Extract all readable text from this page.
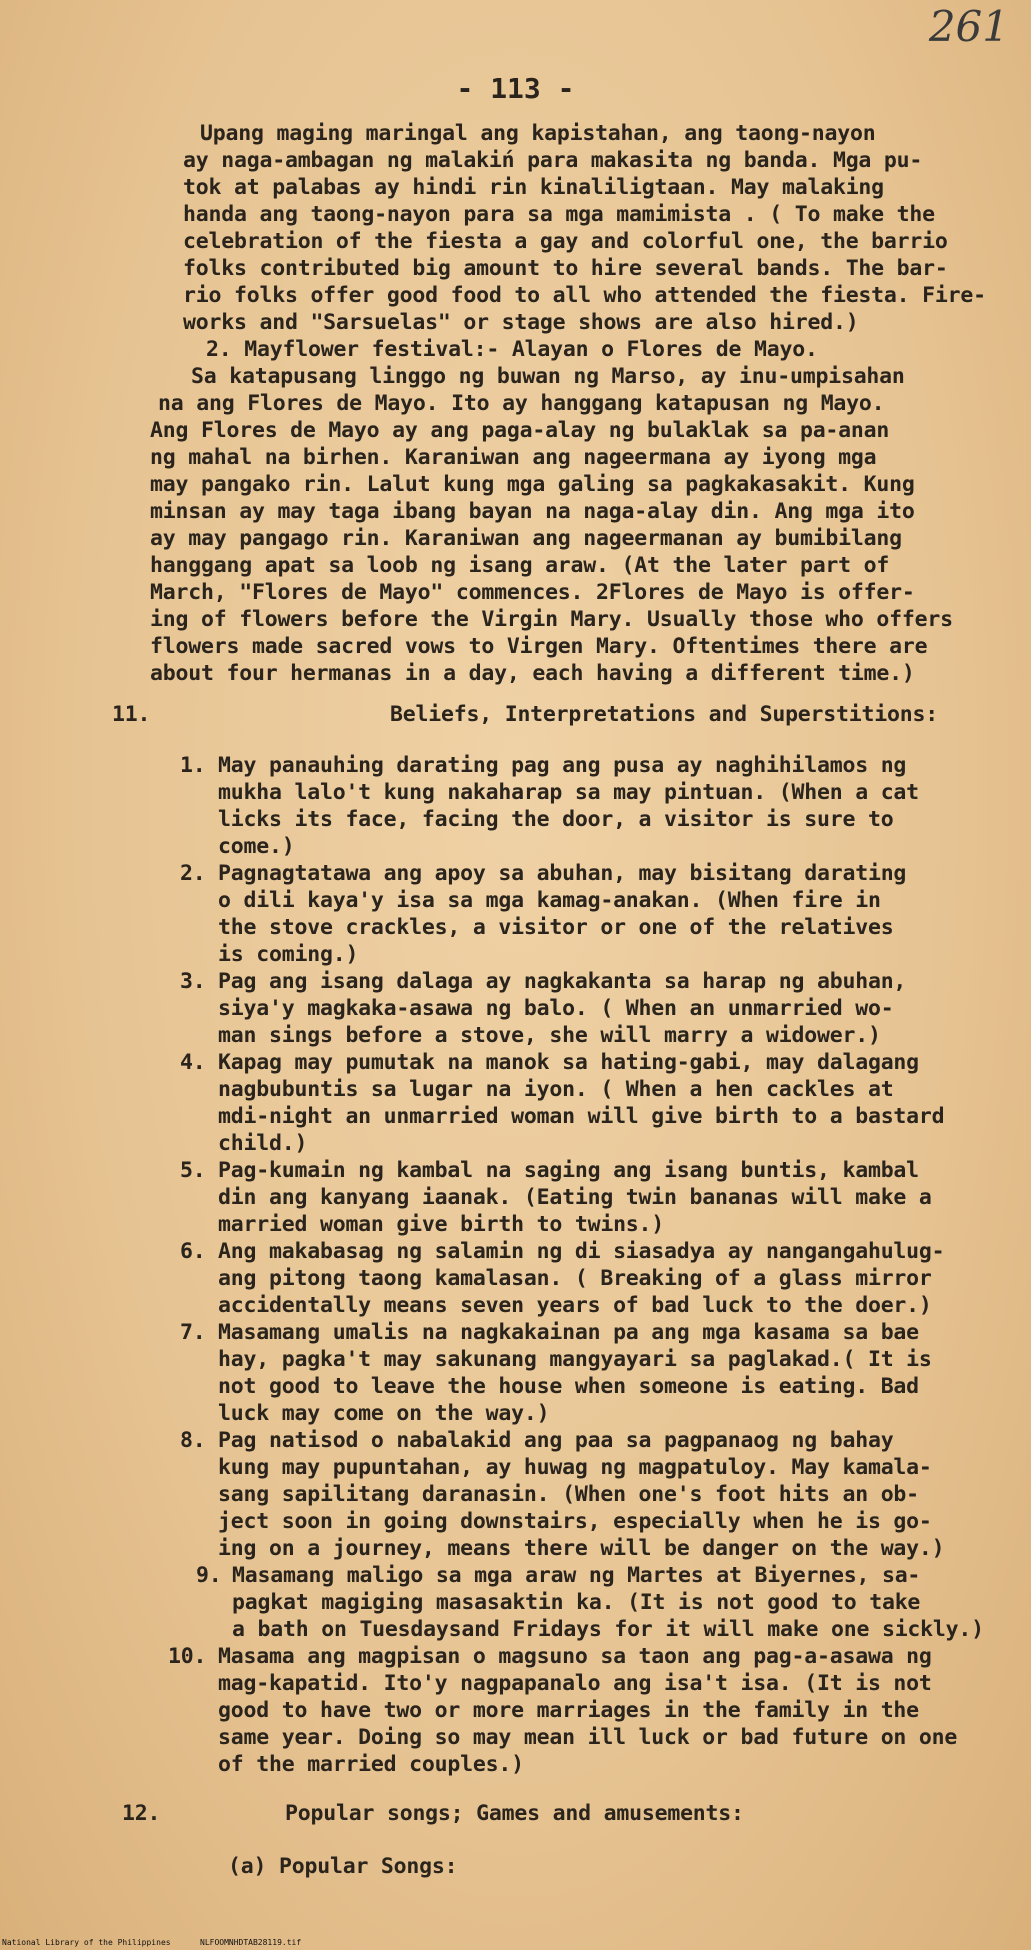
261
- 113 -
Upang maging maringal ang kapistahan, ang taong-nayon
ay naga-ambagan ng malakiń para makasita ng banda. Mga pu-
tok at palabas ay hindi rin kinaliligtaan. May malaking
handa ang taong-nayon para sa mga mamimista . ( To make the
celebration of the fiesta a gay and colorful one, the barrio
folks contributed big amount to hire several bands. The bar-
rio folks offer good food to all who attended the fiesta. Fire-
works and "Sarsuelas" or stage shows are also hired.)
2. Mayflower festival:- Alayan o Flores de Mayo.
Sa katapusang linggo ng buwan ng Marso, ay inu-umpisahan
na ang Flores de Mayo. Ito ay hanggang katapusan ng Mayo.
Ang Flores de Mayo ay ang paga-alay ng bulaklak sa pa-anan
ng mahal na birhen. Karaniwan ang nageermana ay iyong mga
may pangako rin. Lalut kung mga galing sa pagkakasakit. Kung
minsan ay may taga ibang bayan na naga-alay din. Ang mga ito
ay may pangago rin. Karaniwan ang nageermanan ay bumibilang
hanggang apat sa loob ng isang araw. (At the later part of
March, "Flores de Mayo" commences. 2Flores de Mayo is offer-
ing of flowers before the Virgin Mary. Usually those who offers
flowers made sacred vows to Virgen Mary. Oftentimes there are
about four hermanas in a day, each having a different time.)
11.	Beliefs, Interpretations and Superstitions:
1. May panauhing darating pag ang pusa ay naghihilamos ng
mukha lalo't kung nakaharap sa may pintuan. (When a cat
licks its face, facing the door, a visitor is sure to
come.)
2. Pagnagtatawa ang apoy sa abuhan, may bisitang darating
o dili kaya'y isa sa mga kamag-anakan. (When fire in
the stove crackles, a visitor or one of the relatives
is coming.)
3. Pag ang isang dalaga ay nagkakanta sa harap ng abuhan,
siya'y magkaka-asawa ng balo. ( When an unmarried wo-
man sings before a stove, she will marry a widower.)
4. Kapag may pumutak na manok sa hating-gabi, may dalagang
nagbubuntis sa lugar na iyon. ( When a hen cackles at
mdi-night an unmarried woman will give birth to a bastard
child.)
5. Pag-kumain ng kambal na saging ang isang buntis, kambal
din ang kanyang iaanak. (Eating twin bananas will make a
married woman give birth to twins.)
6. Ang makabasag ng salamin ng di siasadya ay nangangahulug-
ang pitong taong kamalasan. ( Breaking of a glass mirror
accidentally means seven years of bad luck to the doer.)
7. Masamang umalis na nagkakainan pa ang mga kasama sa bae
hay, pagka't may sakunang mangyayari sa paglakad.( It is
not good to leave the house when someone is eating. Bad
luck may come on the way.)
8. Pag natisod o nabalakid ang paa sa pagpanaog ng bahay
kung may pupuntahan, ay huwag ng magpatuloy. May kamala-
sang sapilitang daranasin. (When one's foot hits an ob-
ject soon in going downstairs, especially when he is go-
ing on a journey, means there will be danger on the way.)
9. Masamang maligo sa mga araw ng Martes at Biyernes, sa-
pagkat magiging masasaktin ka. (It is not good to take
a bath on Tuesdaysand Fridays for it will make one sickly.)
10. Masama ang magpisan o magsuno sa taon ang pag-a-asawa ng
mag-kapatid. Ito'y nagpapanalo ang isa't isa. (It is not
good to have two or more marriages in the family in the
same year. Doing so may mean ill luck or bad future on one
of the married couples.)
12.	Popular songs; Games and amusements:
(a) Popular Songs:
National Library of the Philippines	NLFOOMNHDTAB28119.tif
